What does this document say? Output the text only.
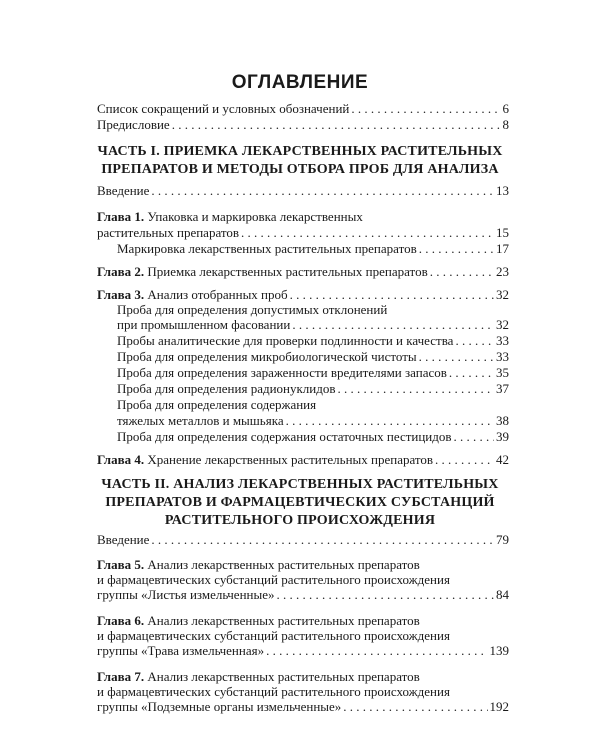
ОГЛАВЛЕНИЕ
Список сокращений и условных обозначений . . .	6
Предисловие . . .	8
ЧАСТЬ I. ПРИЕМКА ЛЕКАРСТВЕННЫХ РАСТИТЕЛЬНЫХ
ПРЕПАРАТОВ И МЕТОДЫ ОТБОРА ПРОБ ДЛЯ АНАЛИЗА
Введение . . .	13
Глава 1. Упаковка и маркировка лекарственных
растительных препаратов . . .	15
Маркировка лекарственных растительных препаратов . . .	17
Глава 2. Приемка лекарственных растительных препаратов . . .	23
Глава 3. Анализ отобранных проб . . .	32
Проба для определения допустимых отклонений
при промышленном фасовании . . .	32
Пробы аналитические для проверки подлинности и качества . . .	33
Проба для определения микробиологической чистоты . . .	33
Проба для определения зараженности вредителями запасов . . .	35
Проба для определения радионуклидов . . .	37
Проба для определения содержания
тяжелых металлов и мышьяка . . .	38
Проба для определения содержания остаточных пестицидов . . .	39
Глава 4. Хранение лекарственных растительных препаратов . . .	42
ЧАСТЬ II. АНАЛИЗ ЛЕКАРСТВЕННЫХ РАСТИТЕЛЬНЫХ
ПРЕПАРАТОВ И ФАРМАЦЕВТИЧЕСКИХ СУБСТАНЦИЙ
РАСТИТЕЛЬНОГО ПРОИСХОЖДЕНИЯ
Введение . . .	79
Глава 5. Анализ лекарственных растительных препаратов
и фармацевтических субстанций растительного происхождения
группы «Листья измельченные» . . .	84
Глава 6. Анализ лекарственных растительных препаратов
и фармацевтических субстанций растительного происхождения
группы «Трава измельченная» . . .	139
Глава 7. Анализ лекарственных растительных препаратов
и фармацевтических субстанций растительного происхождения
группы «Подземные органы измельченные» . . .	192
